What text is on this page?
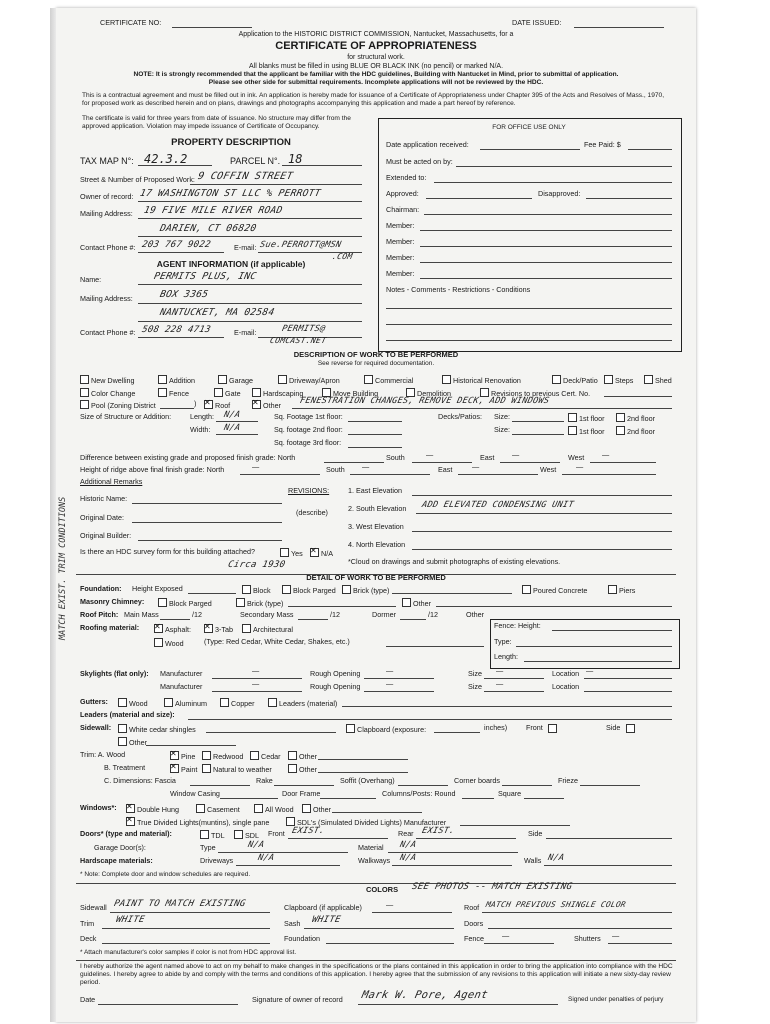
CERTIFICATE NO:	DATE ISSUED:
Application to the HISTORIC DISTRICT COMMISSION, Nantucket, Massachusetts, for a
CERTIFICATE OF APPROPRIATENESS
for structural work.
All blanks must be filled in using BLUE OR BLACK INK (no pencil) or marked N/A.
NOTE: It is strongly recommended that the applicant be familiar with the HDC guidelines, Building with Nantucket in Mind, prior to submittal of application.
Please see other side for submittal requirements. Incomplete applications will not be reviewed by the HDC.
This is a contractual agreement and must be filled out in ink. An application is hereby made for issuance of a Certificate of Appropriateness under Chapter 395 of the Acts and Resolves of Mass., 1970, for proposed work as described herein and on plans, drawings and photographs accompanying this application and made a part hereof by reference.
The certificate is valid for three years from date of issuance. No structure may differ from the approved application. Violation may impede issuance of Certificate of Occupancy.
PROPERTY DESCRIPTION
TAX MAP N°: 42.3.2	PARCEL N°. 18
Street & Number of Proposed Work: 9 COFFIN STREET
Owner of record: 17 WASHINGTON ST LLC % PERROTT
Mailing Address: 19 FIVE MILE RIVER ROAD
DARIEN, CT 06820
Contact Phone #: 203 767 9022	E-mail: Sue.PERROTT@MSN
.COM
AGENT INFORMATION (if applicable)
Name:	PERMITS PLUS, INC
Mailing Address:	BOX 3365
NANTUCKET, MA 02584
Contact Phone #: 508 228 4713	E-mail:	PERMITS@
COMCAST.NET
FOR OFFICE USE ONLY
Date application received:	Fee Paid: $
Must be acted on by:
Extended to:
Approved:	Disapproved:
Chairman:
Member:
Member:
Member:
Member:
Notes - Comments - Restrictions - Conditions
DESCRIPTION OF WORK TO BE PERFORMED
See reverse for required documentation.
New Dwelling	Addition	Garage	Driveway/Apron	Commercial	Historical Renovation	Deck/Patio	Steps	Shed
Color Change	Fence	Gate	Hardscaping	Move Building	Demolition	Revisions to previous Cert. No.
Pool (Zoning District	) ✕	Roof ✕	Other FENESTRATION CHANGES, REMOVE DECK, ADD WINDOWS
Size of Structure or Addition:	Length: N/A	Sq. Footage 1st floor:	Decks/Patios: Size:	1st floor	2nd floor
Width: N/A	Sq. footage 2nd floor:	Size:	1st floor	2nd floor
Sq. footage 3rd floor:
Difference between existing grade and proposed finish grade: North	South	—	East —	West —
Height of ridge above final finish grade: North	—	South —	East	—	West	—
Additional Remarks
Historic Name:
Original Date:
Original Builder:
Is there an HDC survey form for this building attached?	Yes ✕	N/A
Circa 1930
REVISIONS:
(describe)
1. East Elevation
2. South Elevation ADD ELEVATED CONDENSING UNIT
3. West Elevation
4. North Elevation
*Cloud on drawings and submit photographs of existing elevations.
DETAIL OF WORK TO BE PERFORMED
Foundation: Height Exposed	Block	Block Parged	Brick (type)	Poured Concrete	Piers
Masonry Chimney:	Block Parged	Brick (type)	Other
Roof Pitch: Main Mass	/12	Secondary Mass	/12	Dormer	/12	Other
Roofing material: ✕	Asphalt: ✕	3-Tab	Architectural
Wood	(Type: Red Cedar, White Cedar, Shakes, etc.)
Fence: Height:
Type:
Length:
Skylights (flat only): Manufacturer	—	Rough Opening	—	Size —	Location —
Manufacturer	—	Rough Opening	—	Size —	Location
Gutters:	Wood	Aluminum	Copper	Leaders (material)
Leaders (material and size):
Sidewall:	White cedar shingles	Clapboard (exposure:	inches)	Front	Side
Other
Trim: A. Wood ✕	Pine	Redwood	Cedar	Other
B. Treatment ✕	Paint	Natural to weather	Other
C. Dimensions: Fascia	Rake	Soffit (Overhang)	Corner boards	Frieze
Window Casing	Door Frame	Columns/Posts: Round	Square
Windows*: ✕	Double Hung	Casement	All Wood	Other
✕True Divided Lights(muntins), single pane	SDL's (Simulated Divided Lights) Manufacturer
Doors* (type and material):	TDL	SDL Front EXIST.	Rear EXIST.	Side
Garage Door(s):	Type	N/A	Material N/A
Hardscape materials:	Driveways	N/A	Walkways N/A	Walls N/A
* Note: Complete door and window schedules are required.
COLORS SEE PHOTOS -- MATCH EXISTING
Sidewall PAINT TO MATCH EXISTING	Clapboard (if applicable)	—	Roof MATCH PREVIOUS SHINGLE COLOR
Trim WHITE	Sash WHITE	Doors
Deck	Foundation	Fence	—	Shutters —
* Attach manufacturer's color samples if color is not from HDC approval list.
I hereby authorize the agent named above to act on my behalf to make changes in the specifications or the plans contained in this application in order to bring the application into compliance with the HDC guidelines. I hereby agree to abide by and comply with the terms and conditions of this application. I hereby agree that the submission of any revisions to this application will initiate a new sixty-day review period.
Date	Signature of owner of record Mark W. Pore, Agent	Signed under penalties of perjury
MATCH EXIST. TRIM CONDITIONS
